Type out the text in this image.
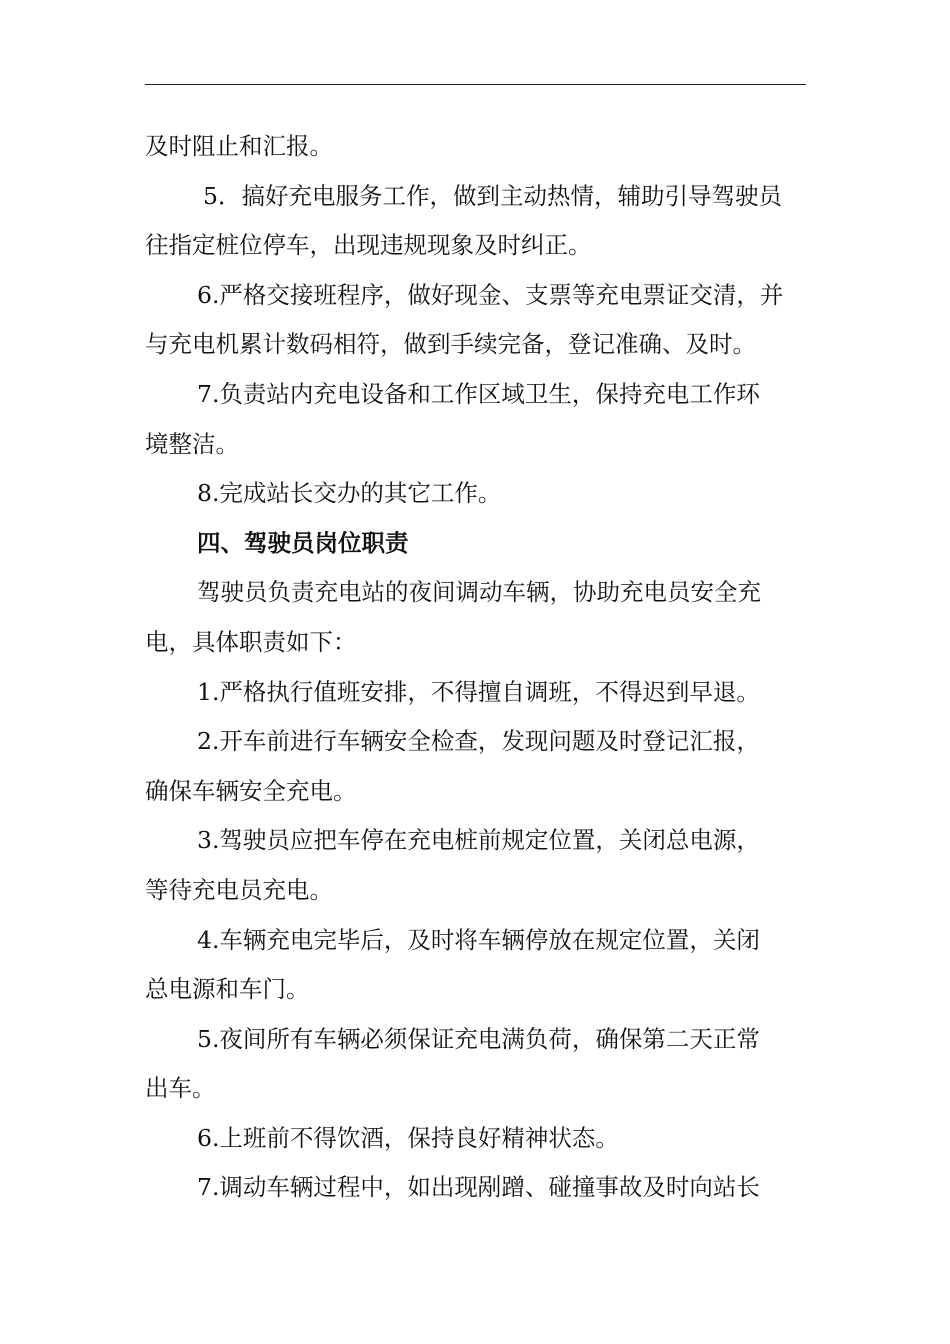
及时阻止和汇报。
5．搞好充电服务工作，做到主动热情，辅助引导驾驶员
往指定桩位停车，出现违规现象及时纠正。
6.严格交接班程序，做好现金、支票等充电票证交清，并
与充电机累计数码相符，做到手续完备，登记准确、及时。
7.负责站内充电设备和工作区域卫生，保持充电工作环
境整洁。
8.完成站长交办的其它工作。
四、驾驶员岗位职责
驾驶员负责充电站的夜间调动车辆，协助充电员安全充
电，具体职责如下：
1.严格执行值班安排，不得擅自调班，不得迟到早退。
2.开车前进行车辆安全检查，发现问题及时登记汇报，
确保车辆安全充电。
3.驾驶员应把车停在充电桩前规定位置，关闭总电源，
等待充电员充电。
4.车辆充电完毕后，及时将车辆停放在规定位置，关闭
总电源和车门。
5.夜间所有车辆必须保证充电满负荷，确保第二天正常
出车。
6.上班前不得饮酒，保持良好精神状态。
7.调动车辆过程中，如出现剐蹭、碰撞事故及时向站长
